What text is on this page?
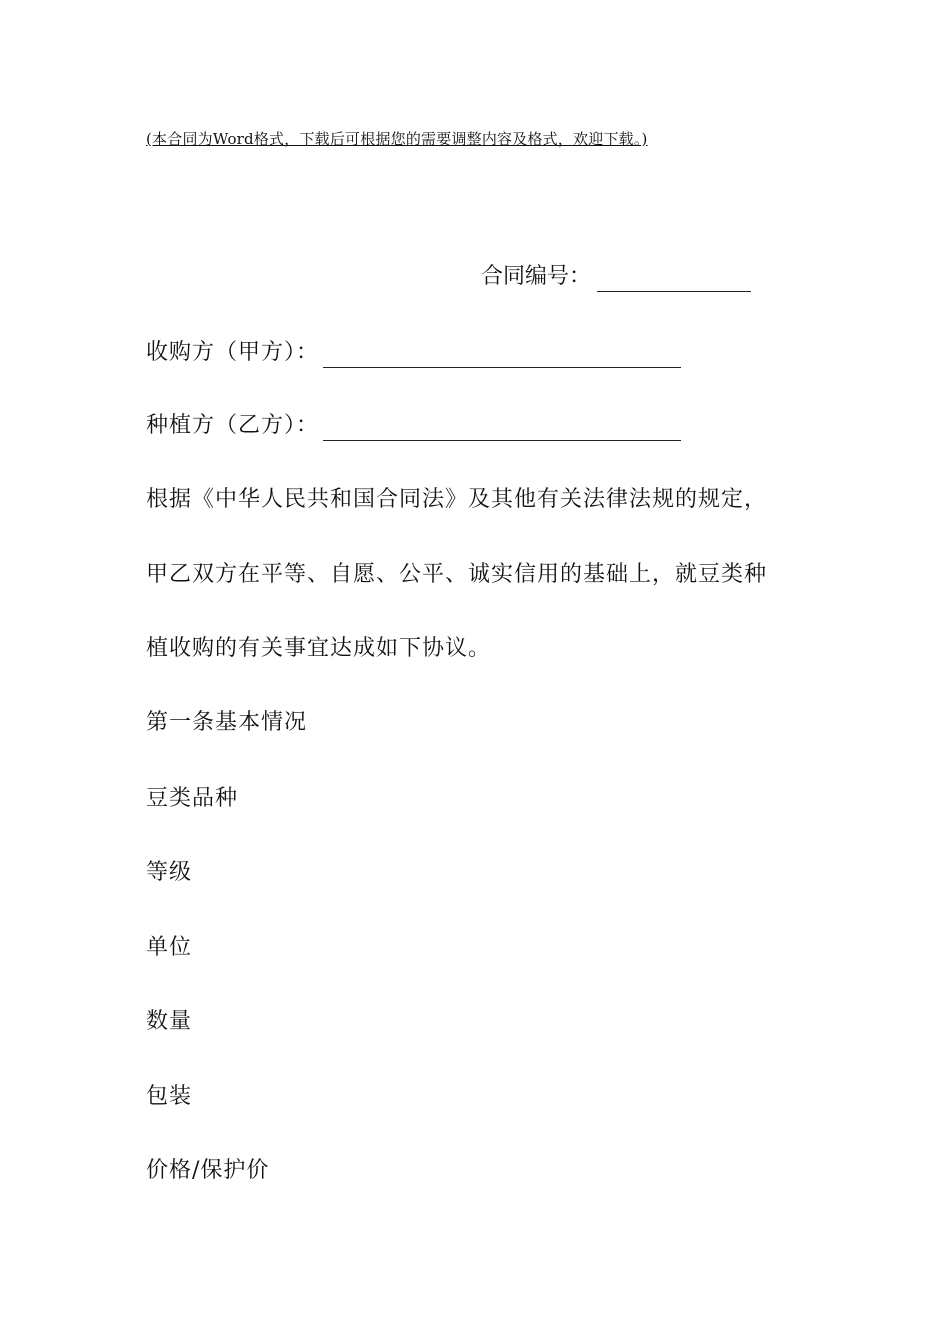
(本合同为Word格式，下载后可根据您的需要调整内容及格式，欢迎下载。)
合同编号：
收购方（甲方）：
种植方（乙方）：
根据《中华人民共和国合同法》及其他有关法律法规的规定，
甲乙双方在平等、自愿、公平、诚实信用的基础上，就豆类种
植收购的有关事宜达成如下协议。
第一条基本情况
豆类品种
等级
单位
数量
包装
价格/保护价
